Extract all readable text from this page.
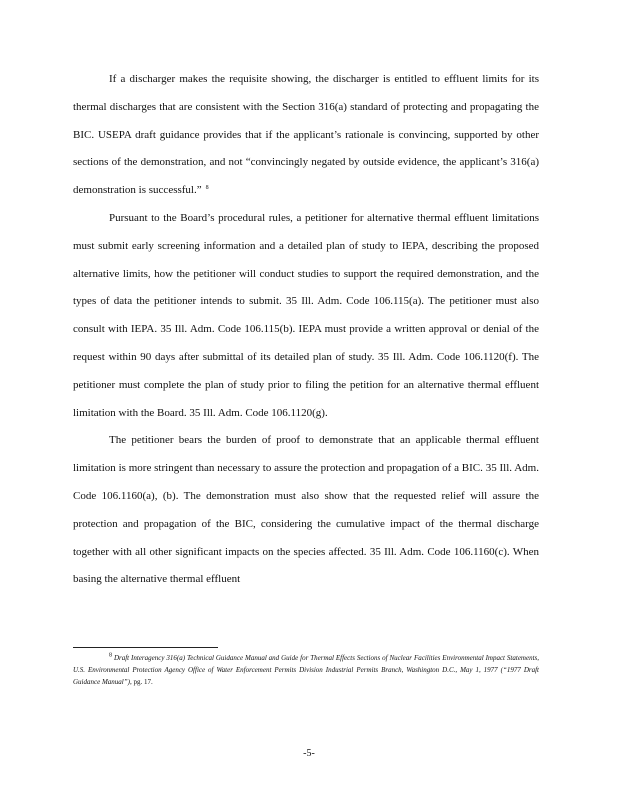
If a discharger makes the requisite showing, the discharger is entitled to effluent limits for its thermal discharges that are consistent with the Section 316(a) standard of protecting and propagating the BIC. USEPA draft guidance provides that if the applicant’s rationale is convincing, supported by other sections of the demonstration, and not “convincingly negated by outside evidence, the applicant’s 316(a) demonstration is successful.” $^8$

Pursuant to the Board’s procedural rules, a petitioner for alternative thermal effluent limitations must submit early screening information and a detailed plan of study to IEPA, describing the proposed alternative limits, how the petitioner will conduct studies to support the required demonstration, and the types of data the petitioner intends to submit. 35 Ill. Adm. Code 106.115(a). The petitioner must also consult with IEPA. 35 Ill. Adm. Code 106.115(b). IEPA must provide a written approval or denial of the request within 90 days after submittal of its detailed plan of study. 35 Ill. Adm. Code 106.1120(f). The petitioner must complete the plan of study prior to filing the petition for an alternative thermal effluent limitation with the Board. 35 Ill. Adm. Code 106.1120(g).

The petitioner bears the burden of proof to demonstrate that an applicable thermal effluent limitation is more stringent than necessary to assure the protection and propagation of a BIC. 35 Ill. Adm. Code 106.1160(a), (b). The demonstration must also show that the requested relief will assure the protection and propagation of the BIC, considering the cumulative impact of the thermal discharge together with all other significant impacts on the species affected. 35 Ill. Adm. Code 106.1160(c). When basing the alternative thermal effluent

8 Draft Interagency 316(a) Technical Guidance Manual and Guide for Thermal Effects Sections of Nuclear Facilities Environmental Impact Statements, U.S. Environmental Protection Agency Office of Water Enforcement Permits Division Industrial Permits Branch, Washington D.C., May 1, 1977 (“1977 Draft Guidance Manual”), pg. 17.

-5-
